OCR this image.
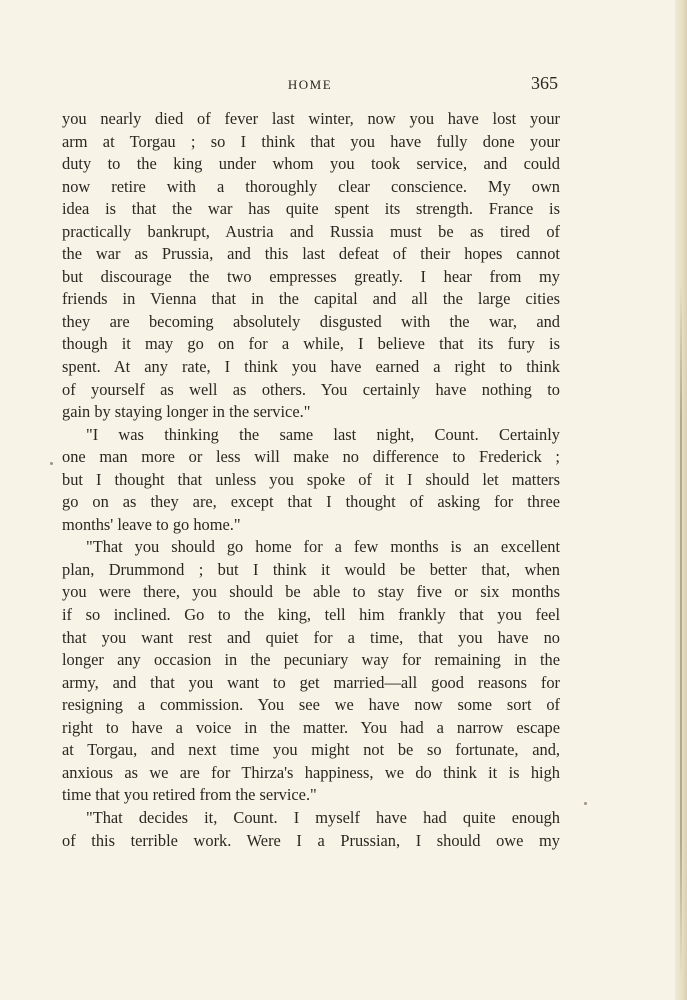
HOME	365
you nearly died of fever last winter, now you have lost your
arm at Torgau ; so I think that you have fully done your
duty to the king under whom you took service, and could
now retire with a thoroughly clear conscience. My own
idea is that the war has quite spent its strength. France is
practically bankrupt, Austria and Russia must be as tired of
the war as Prussia, and this last defeat of their hopes cannot
but discourage the two empresses greatly. I hear from my
friends in Vienna that in the capital and all the large cities
they are becoming absolutely disgusted with the war, and
though it may go on for a while, I believe that its fury is
spent. At any rate, I think you have earned a right to think
of yourself as well as others. You certainly have nothing to
gain by staying longer in the service."
"I was thinking the same last night, Count. Certainly
one man more or less will make no difference to Frederick ;
but I thought that unless you spoke of it I should let matters
go on as they are, except that I thought of asking for three
months' leave to go home."
"That you should go home for a few months is an excellent
plan, Drummond ; but I think it would be better that, when
you were there, you should be able to stay five or six months
if so inclined. Go to the king, tell him frankly that you feel
that you want rest and quiet for a time, that you have no
longer any occasion in the pecuniary way for remaining in the
army, and that you want to get married—all good reasons for
resigning a commission. You see we have now some sort of
right to have a voice in the matter. You had a narrow escape
at Torgau, and next time you might not be so fortunate, and,
anxious as we are for Thirza's happiness, we do think it is high
time that you retired from the service."
"That decides it, Count. I myself have had quite enough
of this terrible work. Were I a Prussian, I should owe my
